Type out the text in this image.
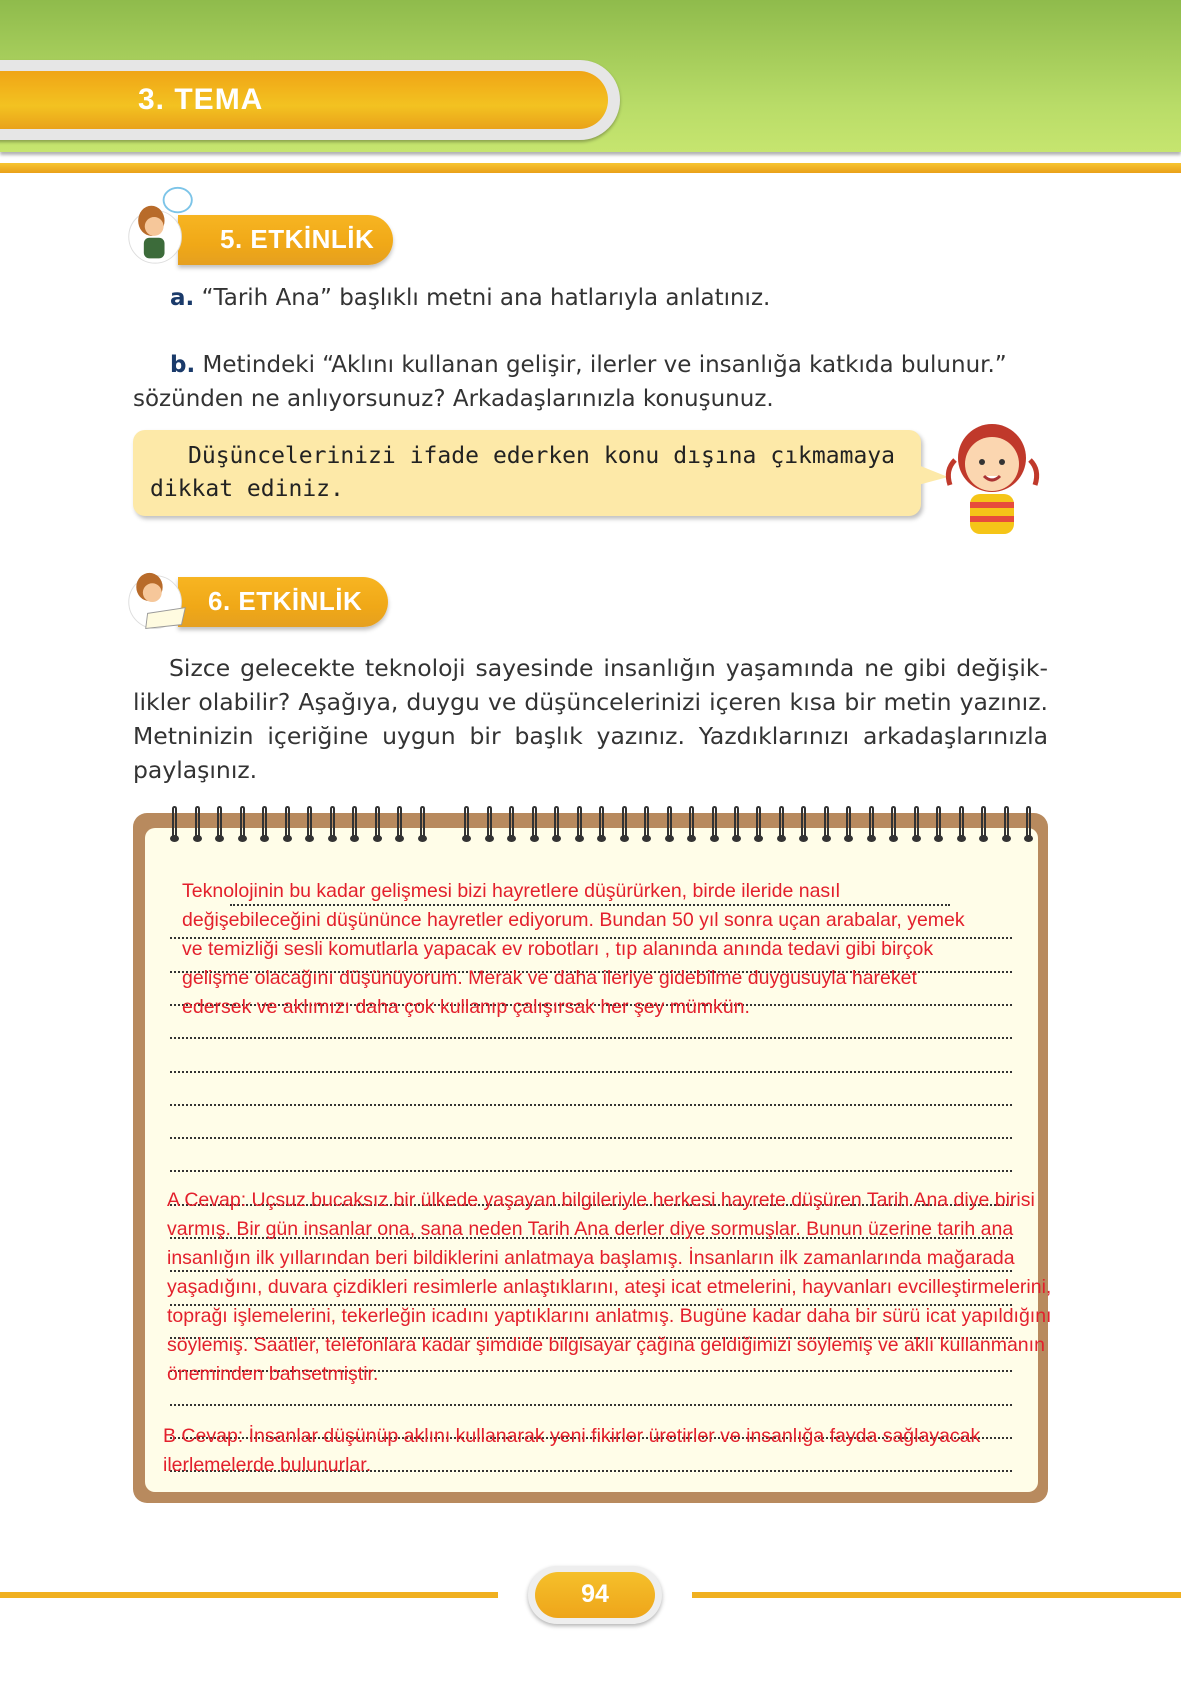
3. TEMA
5. ETKİNLİK
a. “Tarih Ana” başlıklı metni ana hatlarıyla anlatınız.
b. Metindeki “Aklını kullanan gelişir, ilerler ve insanlığa katkıda bulunur.”
sözünden ne anlıyorsunuz? Arkadaşlarınızla konuşunuz.
Düşüncelerinizi ifade ederken konu dışına çıkmamaya dikkat ediniz.
6. ETKİNLİK
Sizce gelecekte teknoloji sayesinde insanlığın yaşamında ne gibi değişik-
likler olabilir? Aşağıya, duygu ve düşüncelerinizi içeren kısa bir metin yazınız.
Metninizin içeriğine uygun bir başlık yazınız. Yazdıklarınızı arkadaşlarınızla
paylaşınız.
Teknolojinin bu kadar gelişmesi bizi hayretlere düşürürken, birde ileride nasıl
değişebileceğini düşününce hayretler ediyorum. Bundan 50 yıl sonra uçan arabalar, yemek
ve temizliği sesli komutlarla yapacak ev robotları , tıp alanında anında tedavi gibi birçok
gelişme olacağını düşünüyorum. Merak ve daha ileriye gidebilme duygusuyla hareket
edersek ve aklımızı daha çok kullanıp çalışırsak her şey mümkün.
A Cevap: Uçsuz bucaksız bir ülkede yaşayan bilgileriyle herkesi hayrete düşüren Tarih Ana diye birisi
varmış. Bir gün insanlar ona, sana neden Tarih Ana derler diye sormuşlar. Bunun üzerine tarih ana
insanlığın ilk yıllarından beri bildiklerini anlatmaya başlamış. İnsanların ilk zamanlarında mağarada
yaşadığını, duvara çizdikleri resimlerle anlaştıklarını, ateşi icat etmelerini, hayvanları evcilleştirmelerini,
toprağı işlemelerini, tekerleğin icadını yaptıklarını anlatmış. Bugüne kadar daha bir sürü icat yapıldığını
söylemiş. Saatler, telefonlara kadar şimdide bilgisayar çağına geldiğimizi söylemiş ve aklı kullanmanın
öneminden bahsetmiştir.
B Cevap: İnsanlar düşünüp aklını kullanarak yeni fikirler üretirler ve insanlığa fayda sağlayacak
ilerlemelerde bulunurlar.
94
